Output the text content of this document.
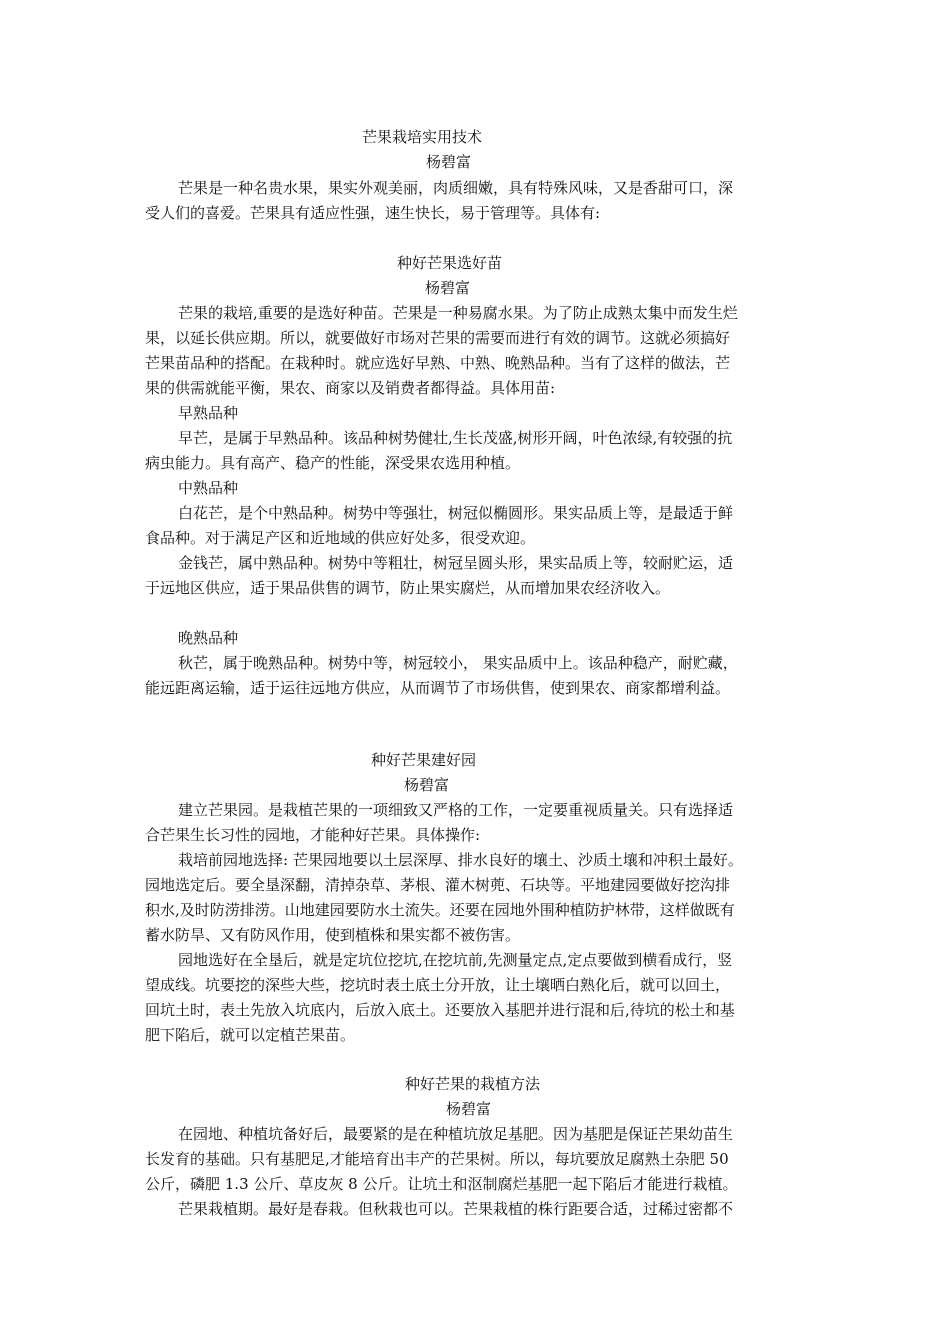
芒果栽培实用技术
杨碧富
芒果是一种名贵水果，果实外观美丽，肉质细嫩，具有特殊风味，又是香甜可口，深
受人们的喜爱。芒果具有适应性强，速生快长，易于管理等。具体有:
种好芒果选好苗
杨碧富
芒果的栽培,重要的是选好种苗。芒果是一种易腐水果。为了防止成熟太集中而发生烂
果，以延长供应期。所以，就要做好市场对芒果的需要而进行有效的调节。这就必须搞好
芒果苗品种的搭配。在栽种时。就应选好早熟、中熟、晚熟品种。当有了这样的做法，芒
果的供需就能平衡，果农、商家以及销费者都得益。具体用苗:
早熟品种
早芒，是属于早熟品种。该品种树势健壮,生长茂盛,树形开阔，叶色浓绿,有较强的抗
病虫能力。具有高产、稳产的性能，深受果农选用种植。
中熟品种
白花芒，是个中熟品种。树势中等强壮，树冠似椭圆形。果实品质上等，是最适于鲜
食品种。对于满足产区和近地域的供应好处多，很受欢迎。
金钱芒，属中熟品种。树势中等粗壮，树冠呈圆头形，果实品质上等，较耐贮运，适
于远地区供应，适于果品供售的调节，防止果实腐烂，从而增加果农经济收入。
晚熟品种
秋芒，属于晚熟品种。树势中等，树冠较小， 果实品质中上。该品种稳产，耐贮藏，
能远距离运输，适于运往远地方供应，从而调节了市场供售，使到果农、商家都增利益。
种好芒果建好园
杨碧富
建立芒果园。是栽植芒果的一项细致又严格的工作，一定要重视质量关。只有选择适
合芒果生长习性的园地，才能种好芒果。具体操作:
栽培前园地选择: 芒果园地要以土层深厚、排水良好的壤土、沙质土壤和冲积土最好。
园地选定后。要全垦深翻，清掉杂草、茅根、灌木树蔸、石块等。平地建园要做好挖沟排
积水,及时防涝排涝。山地建园要防水土流失。还要在园地外围种植防护林带，这样做既有
蓄水防旱、又有防风作用，使到植株和果实都不被伤害。
园地选好在全垦后，就是定坑位挖坑,在挖坑前,先测量定点,定点要做到横看成行，竖
望成线。坑要挖的深些大些，挖坑时表土底土分开放，让土壤晒白熟化后，就可以回土，
回坑土时，表土先放入坑底内，后放入底土。还要放入基肥并进行混和后,待坑的松土和基
肥下陷后，就可以定植芒果苗。
种好芒果的栽植方法
杨碧富
在园地、种植坑备好后，最要紧的是在种植坑放足基肥。因为基肥是保证芒果幼苗生
长发育的基础。只有基肥足,才能培育出丰产的芒果树。所以，每坑要放足腐熟土杂肥 50
公斤，磷肥 1.3 公斤、草皮灰 8 公斤。让坑土和沤制腐烂基肥一起下陷后才能进行栽植。
芒果栽植期。最好是春栽。但秋栽也可以。芒果栽植的株行距要合适，过稀过密都不
